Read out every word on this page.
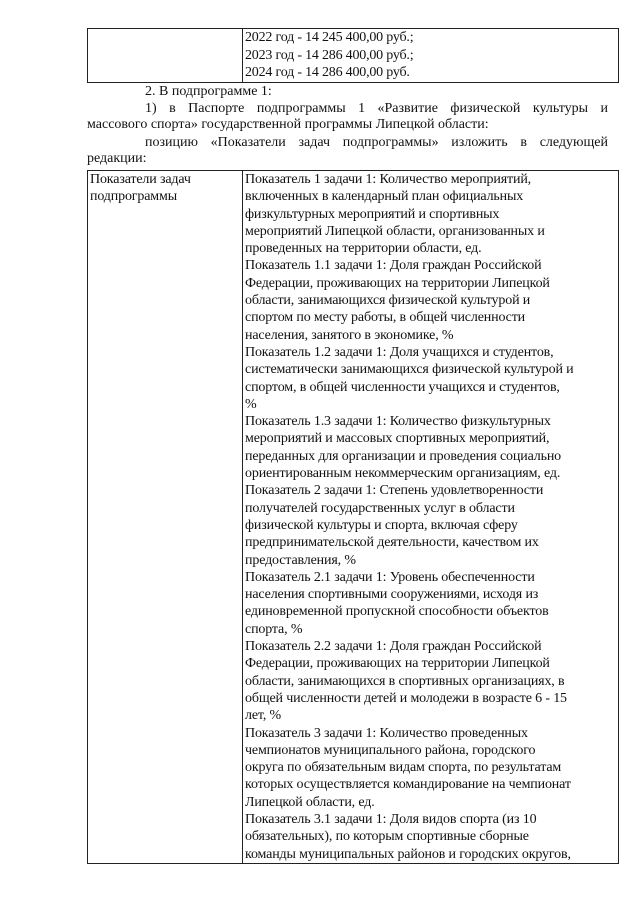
2022 год - 14 245 400,00 руб.;
2023 год - 14 286 400,00 руб.;
2024 год - 14 286 400,00 руб.
2. В подпрограмме 1:
1) в Паспорте подпрограммы 1 «Развитие физической культуры и
массового спорта» государственной программы Липецкой области:
позицию «Показатели задач подпрограммы» изложить в следующей
редакции:
Показатели задач
подпрограммы

Показатель 1 задачи 1: Количество мероприятий,
включенных в календарный план официальных
физкультурных мероприятий и спортивных
мероприятий Липецкой области, организованных и
проведенных на территории области, ед.
Показатель 1.1 задачи 1: Доля граждан Российской
Федерации, проживающих на территории Липецкой
области, занимающихся физической культурой и
спортом по месту работы, в общей численности
населения, занятого в экономике, %
Показатель 1.2 задачи 1: Доля учащихся и студентов,
систематически занимающихся физической культурой и
спортом, в общей численности учащихся и студентов,
%
Показатель 1.3 задачи 1: Количество физкультурных
мероприятий и массовых спортивных мероприятий,
переданных для организации и проведения социально
ориентированным некоммерческим организациям, ед.
Показатель 2 задачи 1: Степень удовлетворенности
получателей государственных услуг в области
физической культуры и спорта, включая сферу
предпринимательской деятельности, качеством их
предоставления, %
Показатель 2.1 задачи 1: Уровень обеспеченности
населения спортивными сооружениями, исходя из
единовременной пропускной способности объектов
спорта, %
Показатель 2.2 задачи 1: Доля граждан Российской
Федерации, проживающих на территории Липецкой
области, занимающихся в спортивных организациях, в
общей численности детей и молодежи в возрасте 6 - 15
лет, %
Показатель 3 задачи 1: Количество проведенных
чемпионатов муниципального района, городского
округа по обязательным видам спорта, по результатам
которых осуществляется командирование на чемпионат
Липецкой области, ед.
Показатель 3.1 задачи 1: Доля видов спорта (из 10
обязательных), по которым спортивные сборные
команды муниципальных районов и городских округов,
